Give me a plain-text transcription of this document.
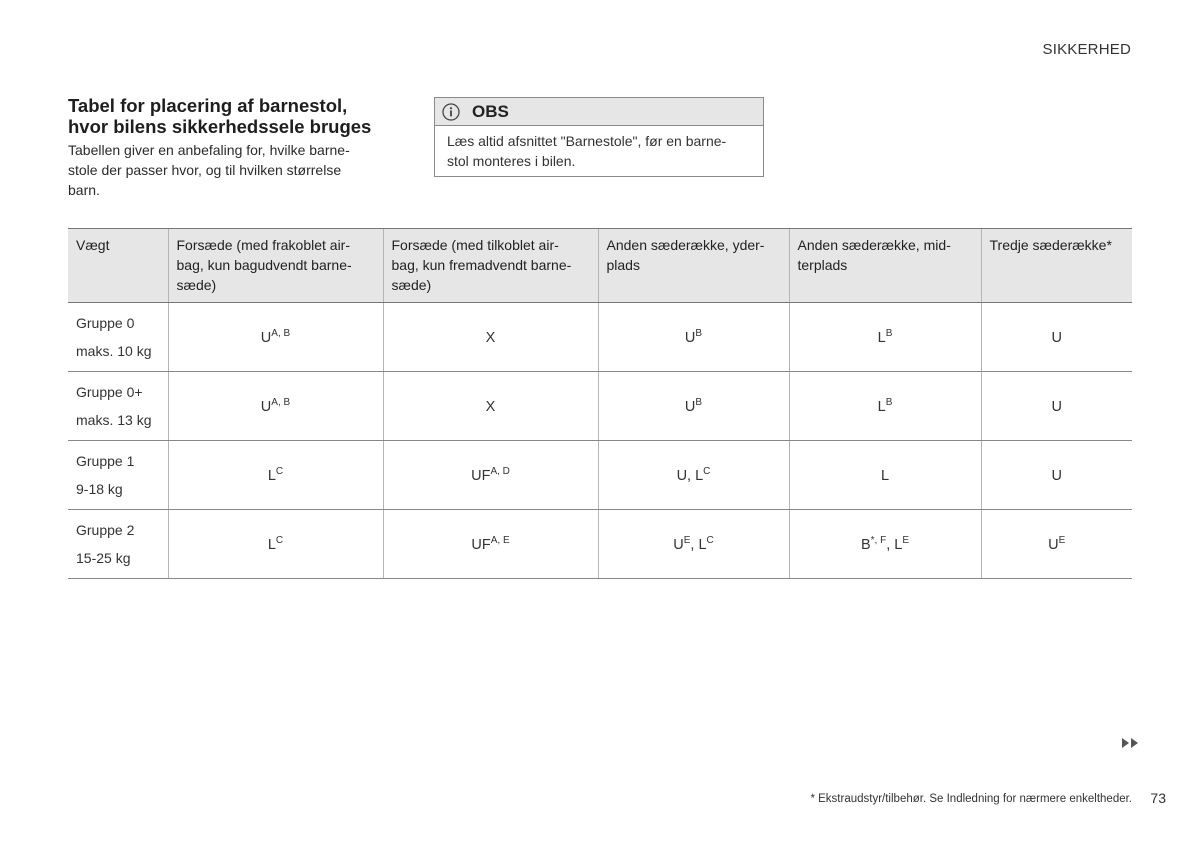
SIKKERHED
Tabel for placering af barnestol,
hvor bilens sikkerhedssele bruges
Tabellen giver en anbefaling for, hvilke barne-
stole der passer hvor, og til hvilken størrelse
barn.
OBS
Læs altid afsnittet "Barnestole", før en barne-
stol monteres i bilen.
Vægt	Forsæde (med frakoblet air-
bag, kun bagudvendt barne-
sæde)	Forsæde (med tilkoblet air-
bag, kun fremadvendt barne-
sæde)	Anden sæderække, yder-
plads	Anden sæderække, mid-
terplads	Tredje sæderække*

Gruppe 0
maks. 10 kg	$U^{A, B}$	X	$U^B$	$L^B$	U

Gruppe 0+
maks. 13 kg	$U^{A, B}$	X	$U^B$	$L^B$	U

Gruppe 1
9-18 kg	$L^C$	$UF^{A, D}$	U, $L^C$	L	U

Gruppe 2
15-25 kg	$L^C$	$UF^{A, E}$	$U^E$, $L^C$	$B^{*, F}$, $L^E$	$U^E$
* Ekstraudstyr/tilbehør. Se Indledning for nærmere enkeltheder. 73
